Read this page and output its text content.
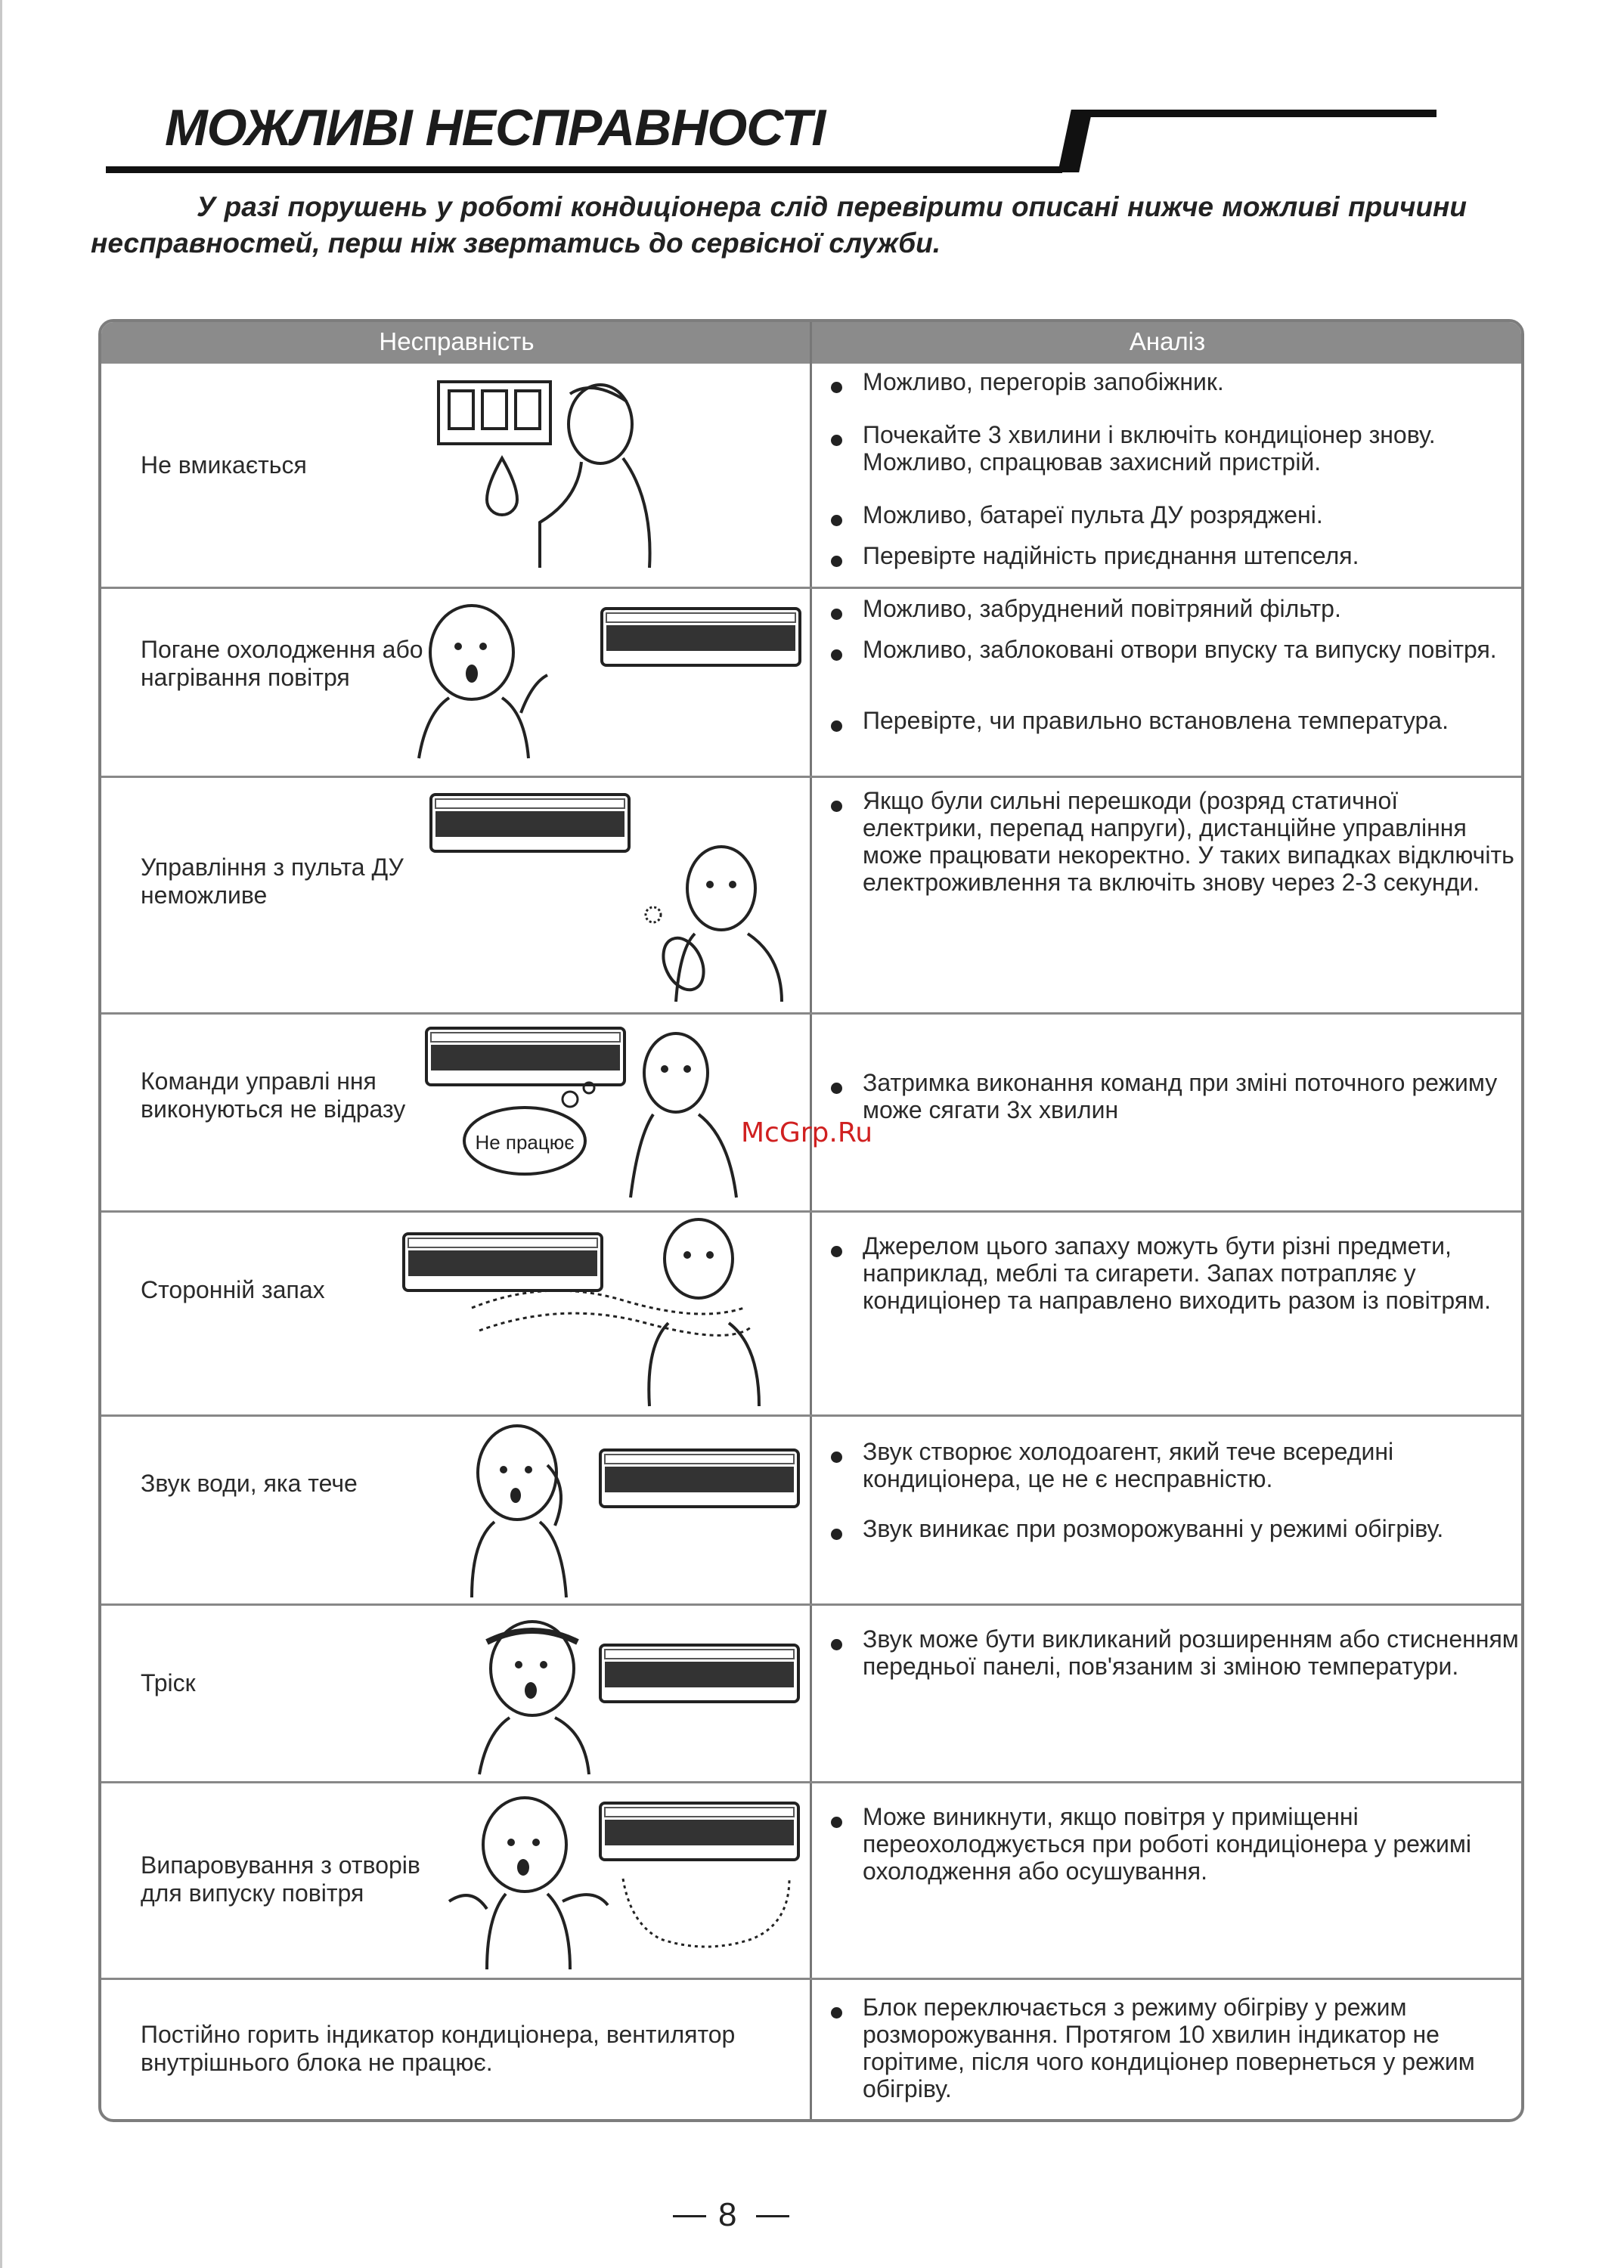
МОЖЛИВІ НЕСПРАВНОСТІ
У разі порушень у роботі кондиціонера слід перевірити описані нижче можливі причини несправностей, перш ніж звертатись до сервісної служби.
Несправність	Аналіз
Не вмикається
Можливо, перегорів запобіжник.
Почекайте 3 хвилини і включіть кондиціонер знову. Можливо, спрацював захисний пристрій.
Можливо, батареї пульта ДУ розряджені.
Перевірте надійність приєднання штепселя.
Погане охолодження або нагрівання повітря
Можливо, забруднений повітряний фільтр.
Можливо, заблоковані отвори впуску та випуску повітря.
Перевірте, чи правильно встановлена температура.
Управління з пульта ДУ неможливе
Якщо були сильні перешкоди (розряд статичної електрики, перепад напруги), дистанційне управління може працювати некоректно. У таких випадках відключіть електроживлення та включіть знову через 2-3 секунди.
Команди управлі ння виконуються не відразу
Не працює
Затримка виконання команд при зміні поточного режиму може сягати 3х хвилин
Сторонній запах
Джерелом цього запаху можуть бути різні предмети, наприклад, меблі та сигарети. Запах потрапляє у кондиціонер та направлено виходить разом із повітрям.
Звук води, яка тече
Звук створює холодоагент, який тече всередині кондиціонера, це не є несправністю.
Звук виникає при розморожуванні у режимі обігріву.
Тріск
Звук може бути викликаний розширенням або стисненням передньої панелі, пов'язаним зі зміною температури.
Випаровування з отворів для випуску повітря
Може виникнути, якщо повітря у приміщенні переохолоджується при роботі кондиціонера у режимі охолодження або осушування.
Постійно горить індикатор кондиціонера, вентилятор внутрішнього блока не працює.
Блок переключається з режиму обігріву у режим розморожування. Протягом 10 хвилин індикатор не горітиме, після чого кондиціонер повернеться у режим обігріву.
McGrp.Ru
8
